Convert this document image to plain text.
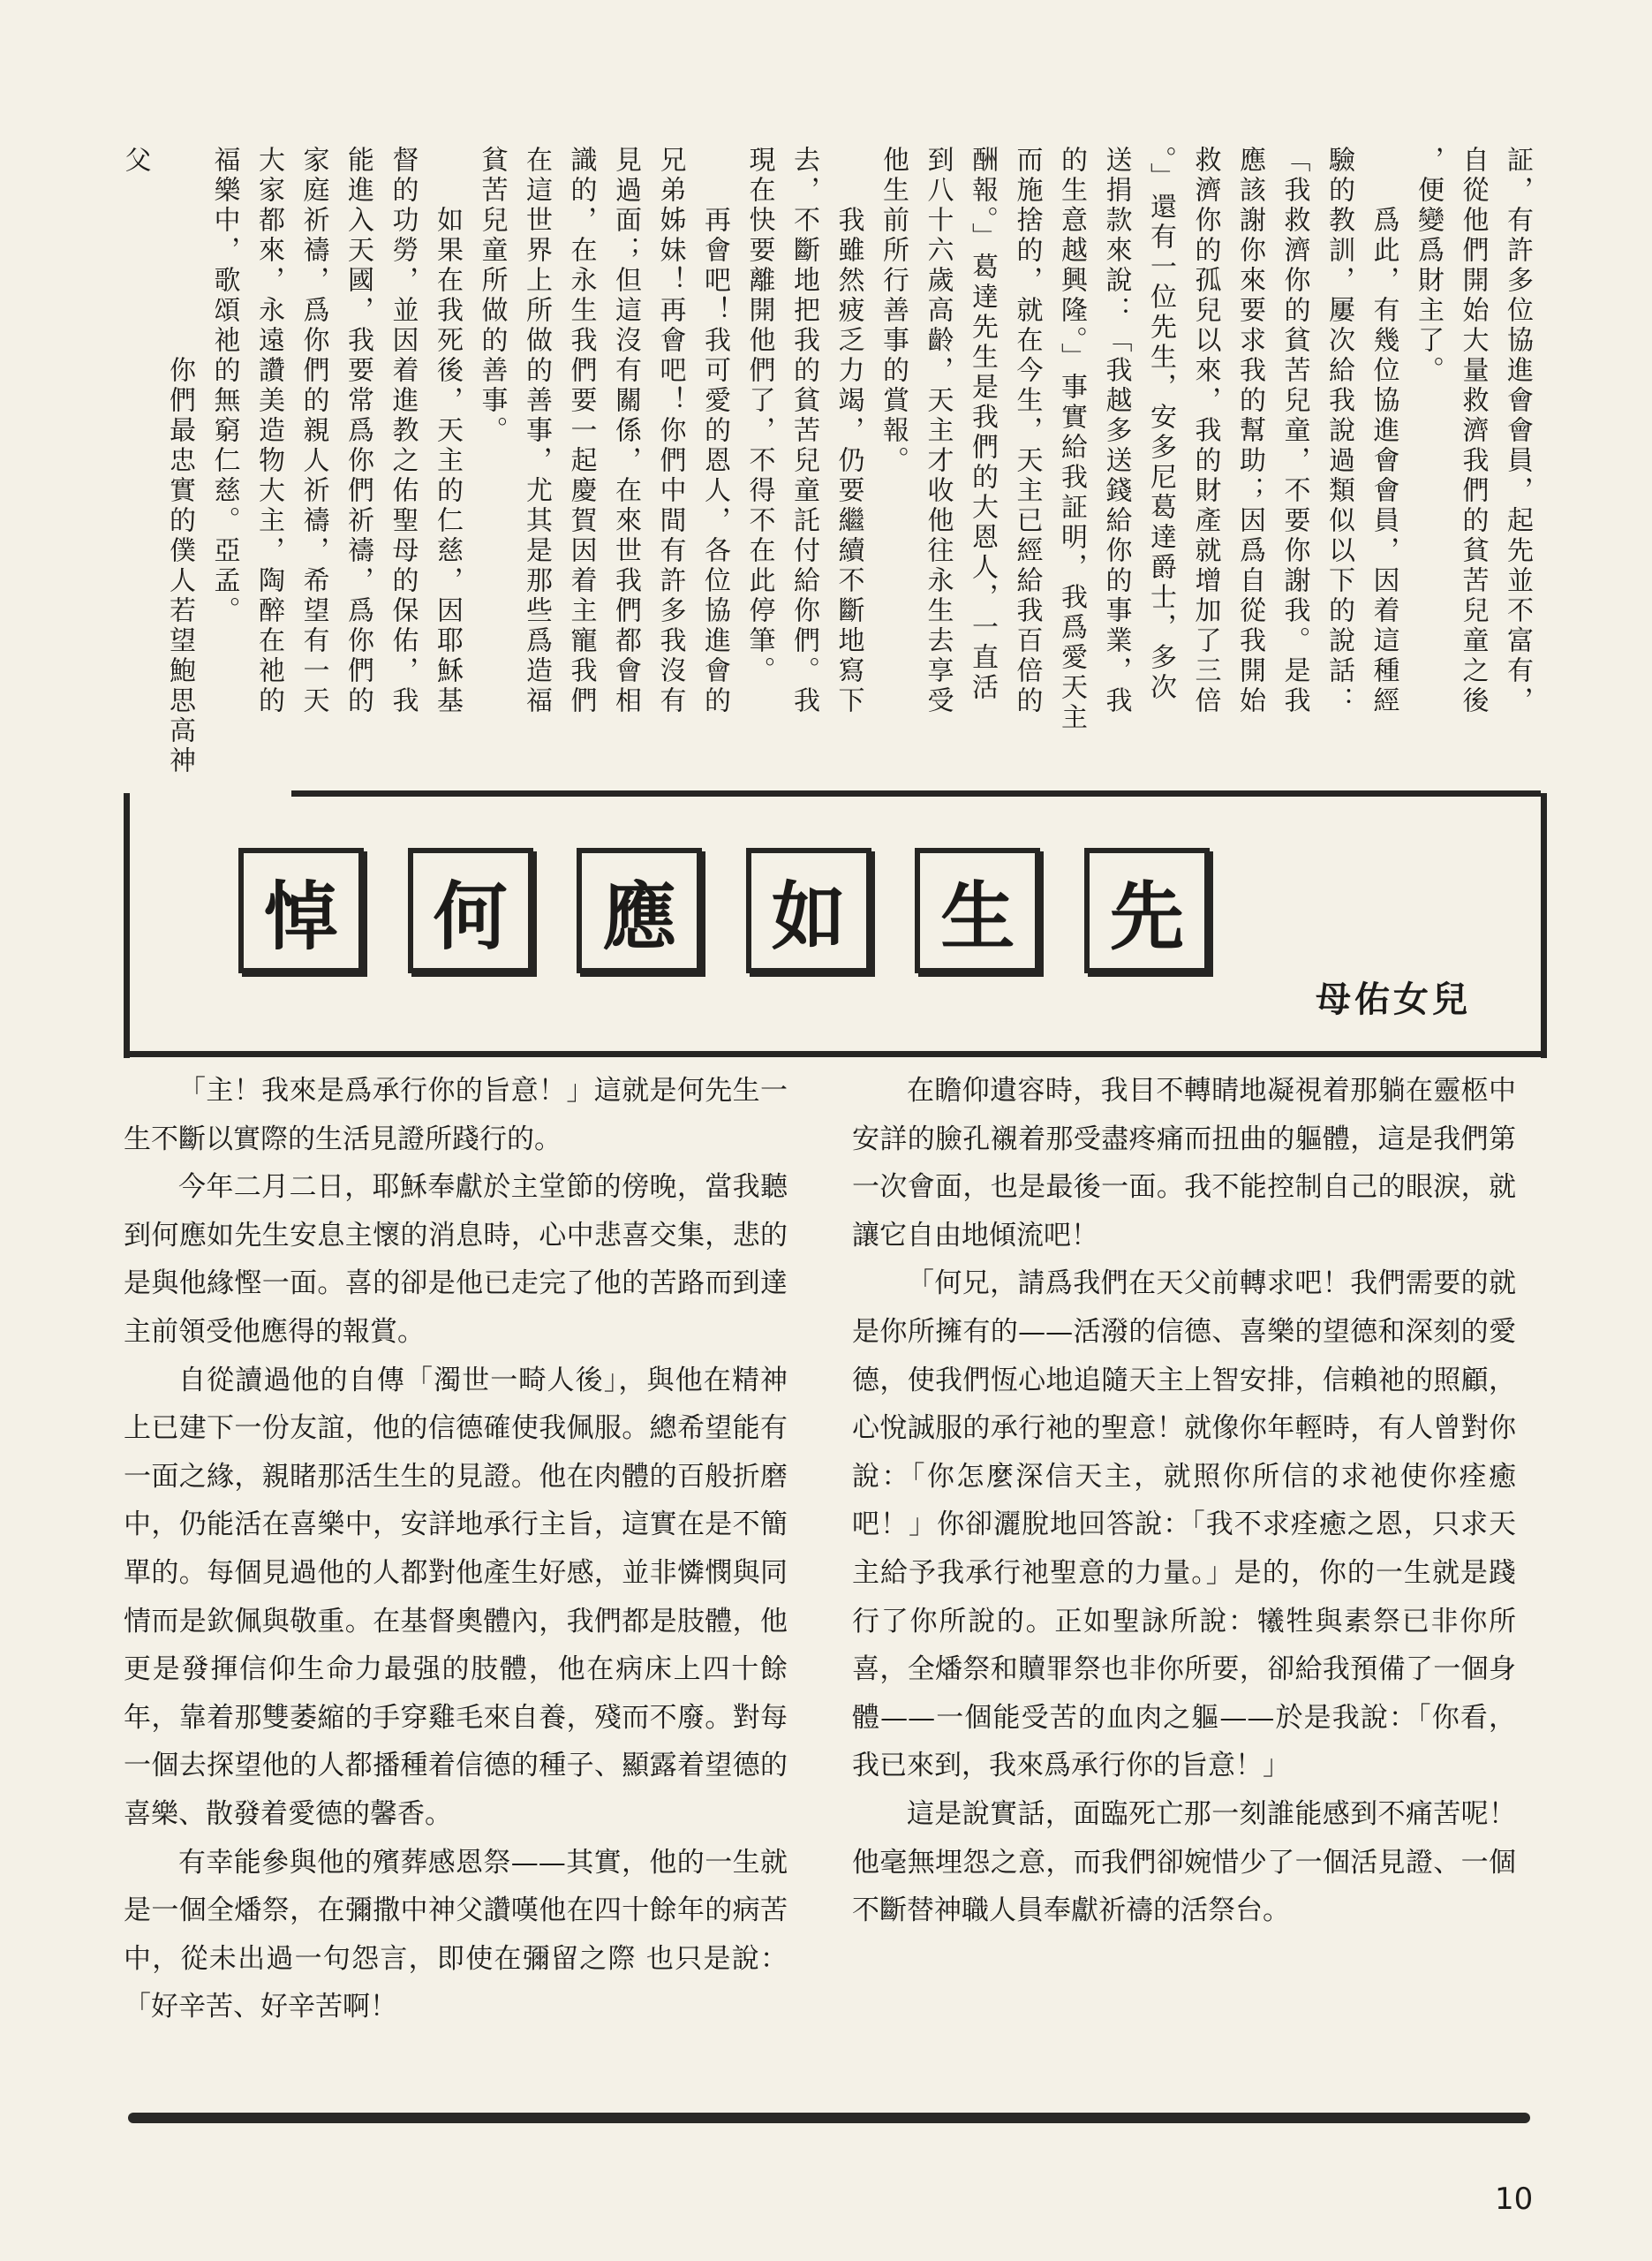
証，有許多位協進會會員，起先並不富有，

自從他們開始大量救濟我們的貧苦兒童之後

，便變爲財主了。

　　爲此，有幾位協進會會員，因着這種經

驗的教訓，屢次給我說過類似以下的說話：

「我救濟你的貧苦兒童，不要你謝我。是我

應該謝你來要求我的幫助；因爲自從我開始

救濟你的孤兒以來，我的財產就增加了三倍

。」還有一位先生，安多尼葛達爵士，多次

送捐款來說：「我越多送錢給你的事業，我

的生意越興隆。」事實給我証明，我爲愛天主

而施捨的，就在今生，天主已經給我百倍的

酬報。」葛達先生是我們的大恩人，一直活

到八十六歲高齡，天主才收他往永生去享受

他生前所行善事的賞報。

　　我雖然疲乏力竭，仍要繼續不斷地寫下

去，不斷地把我的貧苦兒童託付給你們。我

現在快要離開他們了，不得不在此停筆。

　　再會吧！我可愛的恩人，各位協進會的

兄弟姊妹！再會吧！你們中間有許多我沒有

見過面；但這沒有關係，在來世我們都會相

識的，在永生我們要一起慶賀因着主寵我們

在這世界上所做的善事，尤其是那些爲造福

貧苦兒童所做的善事。

　　如果在我死後，天主的仁慈，因耶穌基

督的功勞，並因着進教之佑聖母的保佑，我

能進入天國，我要常爲你們祈禱，爲你們的

家庭祈禱，爲你們的親人祈禱，希望有一天

大家都來，永遠讚美造物大主，陶醉在祂的

福樂中，歌頌祂的無窮仁慈。亞孟。

　　　　　　　你們最忠實的僕人若望鮑思高神父

悼	何	應	如	生	先
母佑女兒

「主！我來是爲承行你的旨意！」這就是何先生一生不斷以實際的生活見證所踐行的。

今年二月二日，耶穌奉獻於主堂節的傍晚，當我聽到何應如先生安息主懷的消息時，心中悲喜交集，悲的是與他緣慳一面。喜的卻是他已走完了他的苦路而到達主前領受他應得的報賞。

自從讀過他的自傳「濁世一畸人後」，與他在精神上已建下一份友誼，他的信德確使我佩服。總希望能有一面之緣，親睹那活生生的見證。他在肉體的百般折磨中，仍能活在喜樂中，安詳地承行主旨，這實在是不簡單的。每個見過他的人都對他產生好感，並非憐憫與同情而是欽佩與敬重。在基督奧體內，我們都是肢體，他更是發揮信仰生命力最强的肢體，他在病床上四十餘年，靠着那雙萎縮的手穿雞毛來自養，殘而不廢。對每一個去探望他的人都播種着信德的種子、顯露着望德的喜樂、散發着愛德的馨香。

有幸能參與他的殯葬感恩祭——其實，他的一生就是一個全燔祭，在彌撒中神父讚嘆他在四十餘年的病苦中，從未出過一句怨言，即使在彌留之際 也只是說：「好辛苦、好辛苦啊！

在瞻仰遺容時，我目不轉睛地凝視着那躺在靈柩中安詳的臉孔襯着那受盡疼痛而扭曲的軀體，這是我們第一次會面，也是最後一面。我不能控制自己的眼淚，就讓它自由地傾流吧！

「何兄，請爲我們在天父前轉求吧！我們需要的就是你所擁有的——活潑的信德、喜樂的望德和深刻的愛德，使我們恆心地追隨天主上智安排，信賴祂的照顧，心悅誠服的承行祂的聖意！就像你年輕時，有人曾對你說：「你怎麼深信天主，就照你所信的求祂使你痊癒吧！」你卻灑脫地回答說：「我不求痊癒之恩，只求天主給予我承行祂聖意的力量。」是的，你的一生就是踐行了你所說的。正如聖詠所說：犧牲與素祭已非你所喜，全燔祭和贖罪祭也非你所要，卻給我預備了一個身體——一個能受苦的血肉之軀——於是我說：「你看，我已來到，我來爲承行你的旨意！」

這是說實話，面臨死亡那一刻誰能感到不痛苦呢！他毫無埋怨之意，而我們卻婉惜少了一個活見證、一個不斷替神職人員奉獻祈禱的活祭台。

10
